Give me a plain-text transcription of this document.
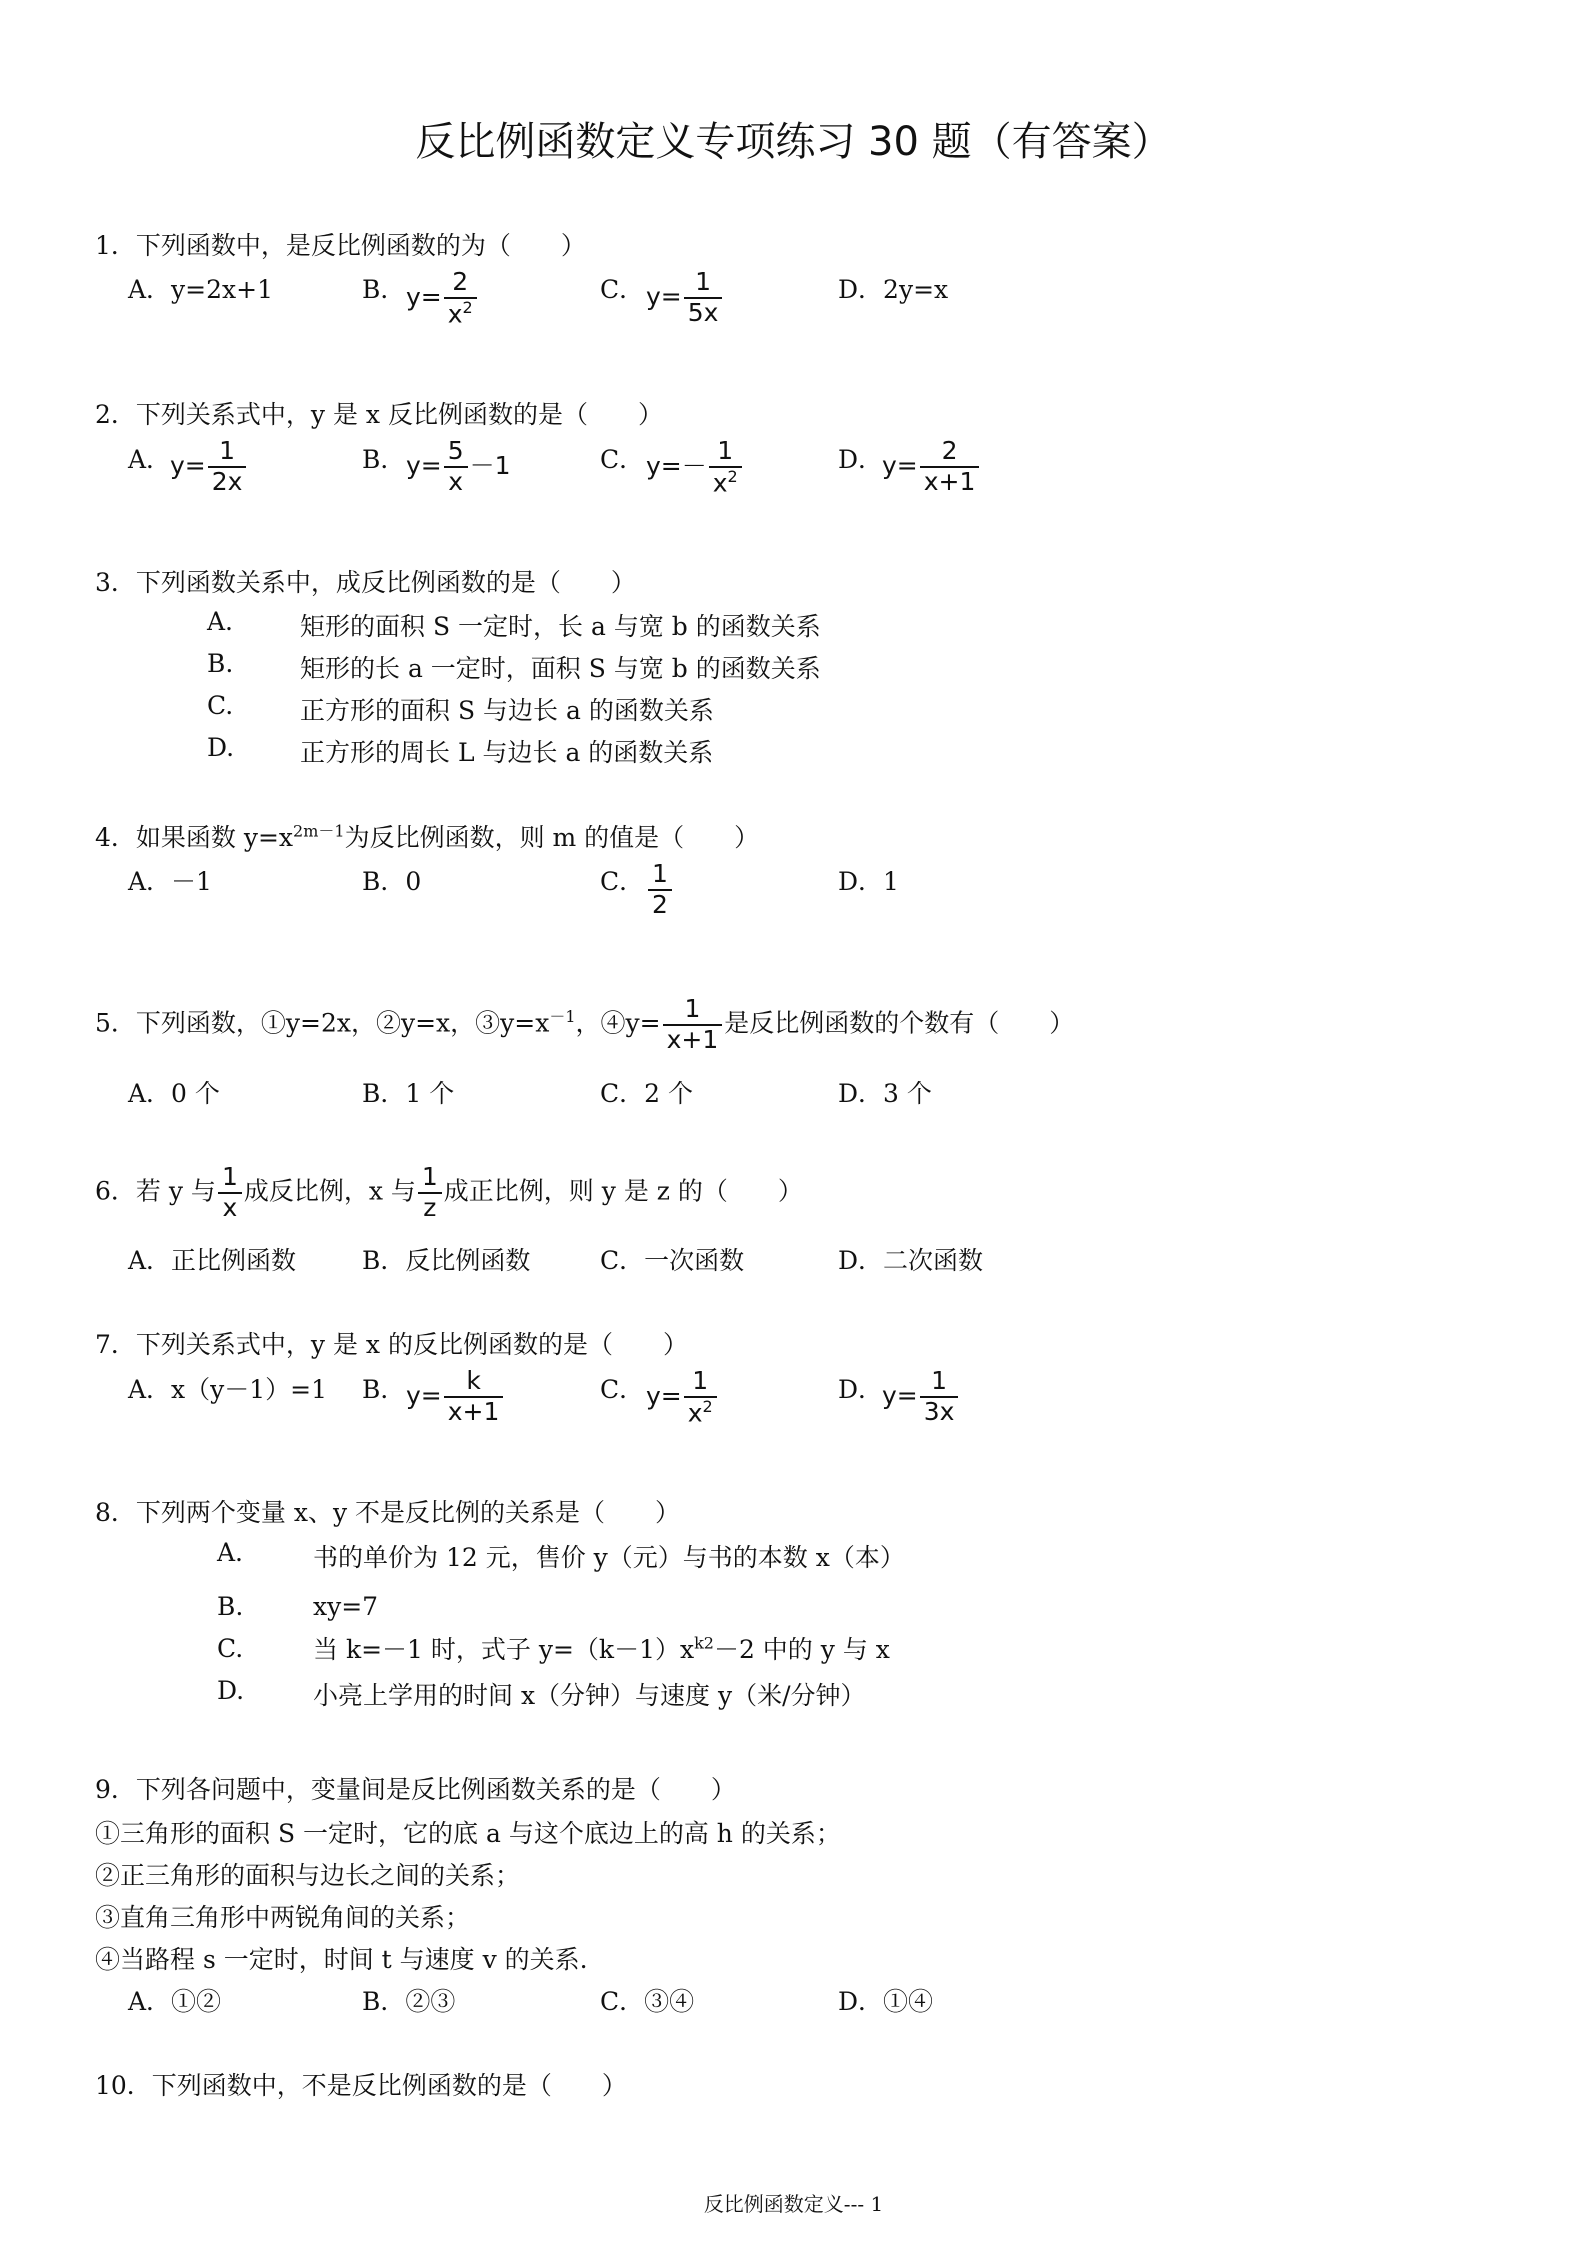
反比例函数定义专项练习 30 题（有答案）
1．下列函数中，是反比例函数的为（　　）
A．y=2x+1	B． $y= \frac{2}{x^2}$	C． $y= \frac{1}{5x}$	D．2y=x
2．下列关系式中，y 是 x 反比例函数的是（　　）
A．
$y= \frac{1}{2x}$	B． $y= \frac{5}{x} -1$	C． $y=- \frac{1}{x^2}$	D．
$y= \frac{2}{x+1}$
3．下列函数关系中，成反比例函数的是（　　）
A.	矩形的面积 S 一定时，长 a 与宽 b 的函数关系
B.	矩形的长 a 一定时，面积 S 与宽 b 的函数关系
C.	正方形的面积 S 与边长 a 的函数关系
D.	正方形的周长 L 与边长 a 的函数关系
4．如果函数 $y=x^{2m-1}$为反比例函数，则 m 的值是（　　）
A．－1	B．0	C． $\frac{1}{2}$	D．1
5．下列函数，①y=2x，②y=x，$③y=x^{-1}$，④y= $\frac{1}{x+1}$ 是反比例函数的个数有（　　）
A．0 个	B．1 个	C．2 个	D．3 个
6．若 y 与 $\frac{1}{x}$ 成反比例，x 与 $\frac{1}{z}$ 成正比例，则 y 是 z 的（　　）
A．正比例函数	B．反比例函数	C．一次函数	D．二次函数
7．下列关系式中，y 是 x 的反比例函数的是（　　）
A．x（y－1）=1 B． $y= \frac{k}{x+1}$	C． $y= \frac{1}{x^2}$	D．
$y= \frac{1}{3x}$
8．下列两个变量 x、y 不是反比例的关系是（　　）
A.	书的单价为 12 元，售价 y（元）与书的本数 x（本）
B.	xy=7
C.	当 k=－1 时，式子 $y=(k-1)x^{k2}-2$ 中的 y 与 x
D.	小亮上学用的时间 x（分钟）与速度 y（米/分钟）
9．下列各问题中，变量间是反比例函数关系的是（　　）
①三角形的面积 S 一定时，它的底 a 与这个底边上的高 h 的关系；
②正三角形的面积与边长之间的关系；
③直角三角形中两锐角间的关系；
④当路程 s 一定时，时间 t 与速度 v 的关系.
A．①②	B．②③	C．③④	D．①④
10．下列函数中，不是反比例函数的是（　　）
反比例函数定义--- 1
